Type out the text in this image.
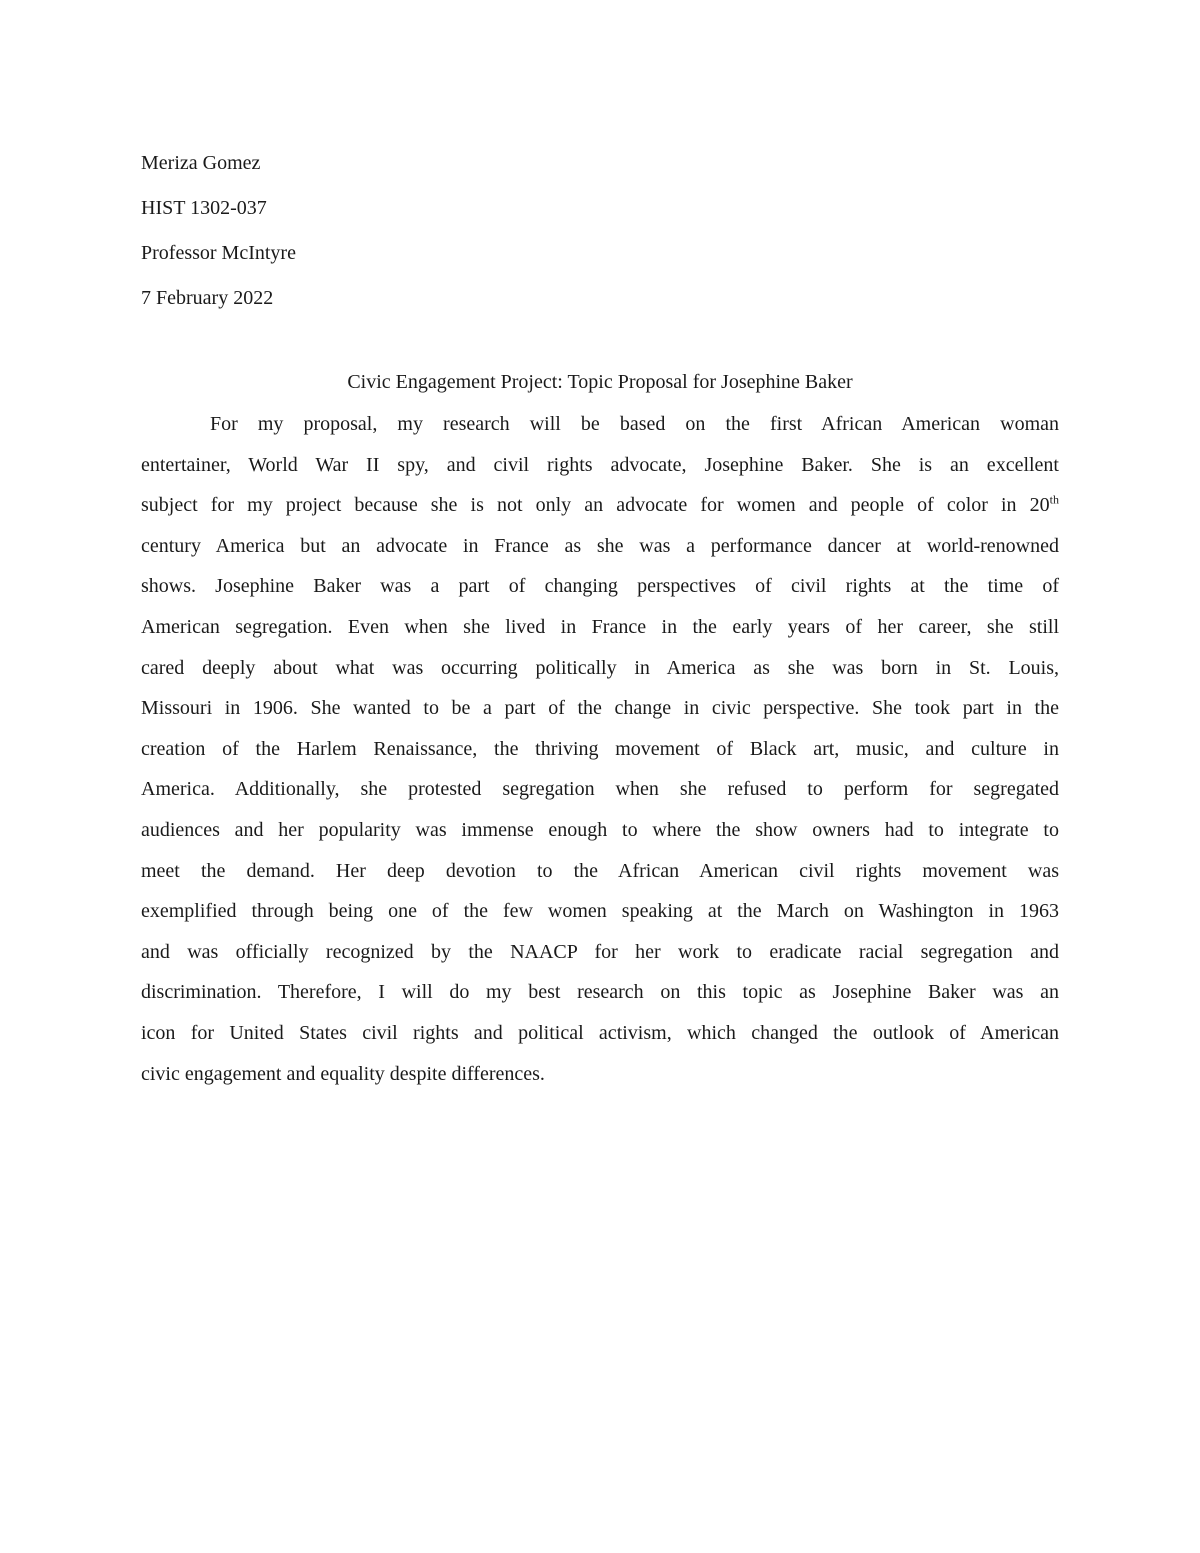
Meriza Gomez
HIST 1302-037
Professor McIntyre
7 February 2022
Civic Engagement Project: Topic Proposal for Josephine Baker
For my proposal, my research will be based on the first African American woman
entertainer, World War II spy, and civil rights advocate, Josephine Baker. She is an excellent
subject for my project because she is not only an advocate for women and people of color in 20th
century America but an advocate in France as she was a performance dancer at world-renowned
shows. Josephine Baker was a part of changing perspectives of civil rights at the time of
American segregation. Even when she lived in France in the early years of her career, she still
cared deeply about what was occurring politically in America as she was born in St. Louis,
Missouri in 1906. She wanted to be a part of the change in civic perspective. She took part in the
creation of the Harlem Renaissance, the thriving movement of Black art, music, and culture in
America. Additionally, she protested segregation when she refused to perform for segregated
audiences and her popularity was immense enough to where the show owners had to integrate to
meet the demand. Her deep devotion to the African American civil rights movement was
exemplified through being one of the few women speaking at the March on Washington in 1963
and was officially recognized by the NAACP for her work to eradicate racial segregation and
discrimination. Therefore, I will do my best research on this topic as Josephine Baker was an
icon for United States civil rights and political activism, which changed the outlook of American
civic engagement and equality despite differences.
